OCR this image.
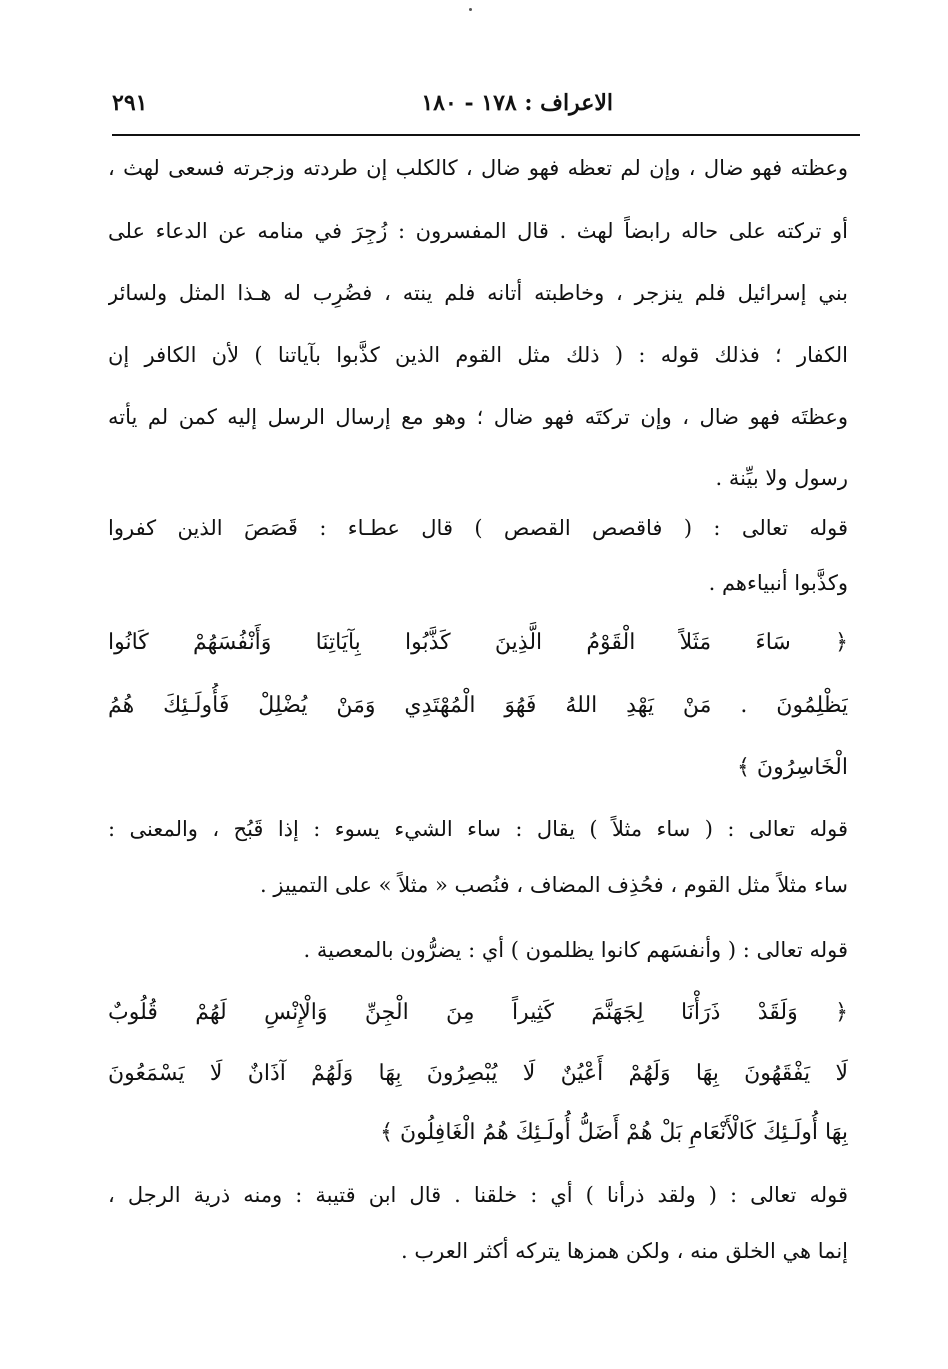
الاعراف : ١٧٨ - ١٨٠
٢٩١
وعظته فهو ضال ، وإن لم تعظه فهو ضال ، كالكلب إن طردته وزجرته فسعى لهث ،
أو تركته على حاله رابضاً لهث . قال المفسرون : زُجِرَ في منامه عن الدعاء على
بني إسرائيل فلم ينزجر ، وخاطبته أتانه فلم ينته ، فضُرِب له هـذا المثل ولسائر
الكفار ؛ فذلك قوله : ( ذلك مثل القوم الذين كذَّبوا بآياتنا ) لأن الكافر إن
وعظتَه فهو ضال ، وإن تركتَه فهو ضال ؛ وهو مع إرسال الرسل إليه كمن لم يأته
رسول ولا بيِّنة .
قوله تعالى : ( فاقصص القصص ) قال عطـاء : قَصَصَ الذين كفروا
وكذَّبوا أنبياءهم .
﴿ سَاءَ مَثَلاً الْقَوْمُ الَّذِينَ كَذَّبُوا بِآيَاتِنَا وَأَنْفُسَهُمْ كَانُوا
يَظْلِمُونَ . مَنْ يَهْدِ اللهُ فَهُوَ الْمُهْتَدِي وَمَنْ يُضْلِلْ فَأُولَـئِكَ هُمُ
الْخَاسِرُونَ ﴾
قوله تعالى : ( ساء مثلاً ) يقال : ساء الشيء يسوء : إذا قَبُح ، والمعنى :
ساء مثلاً مثل القوم ، فحُذِف المضاف ، فنُصب « مثلاً » على التمييز .
قوله تعالى : ( وأنفسَهم كانوا يظلمون ) أي : يضرُّون بالمعصية .
﴿ وَلَقَدْ ذَرَأْنَا لِجَهَنَّمَ كَثِيراً مِنَ الْجِنِّ وَالْإِنْسِ لَهُمْ قُلُوبٌ
لَا يَفْقَهُونَ بِهَا وَلَهُمْ أَعْيُنٌ لَا يُبْصِرُونَ بِهَا وَلَهُمْ آذَانٌ لَا يَسْمَعُونَ
بِهَا أُولَـئِكَ كَالْأَنْعَامِ بَلْ هُمْ أَضَلُّ أُولَـئِكَ هُمُ الْغَافِلُونَ ﴾
قوله تعالى : ( ولقد ذرأنا ) أي : خلقنا . قال ابن قتيبة : ومنه ذرية الرجل ،
إنما هي الخلق منه ، ولكن همزها يتركه أكثر العرب .
